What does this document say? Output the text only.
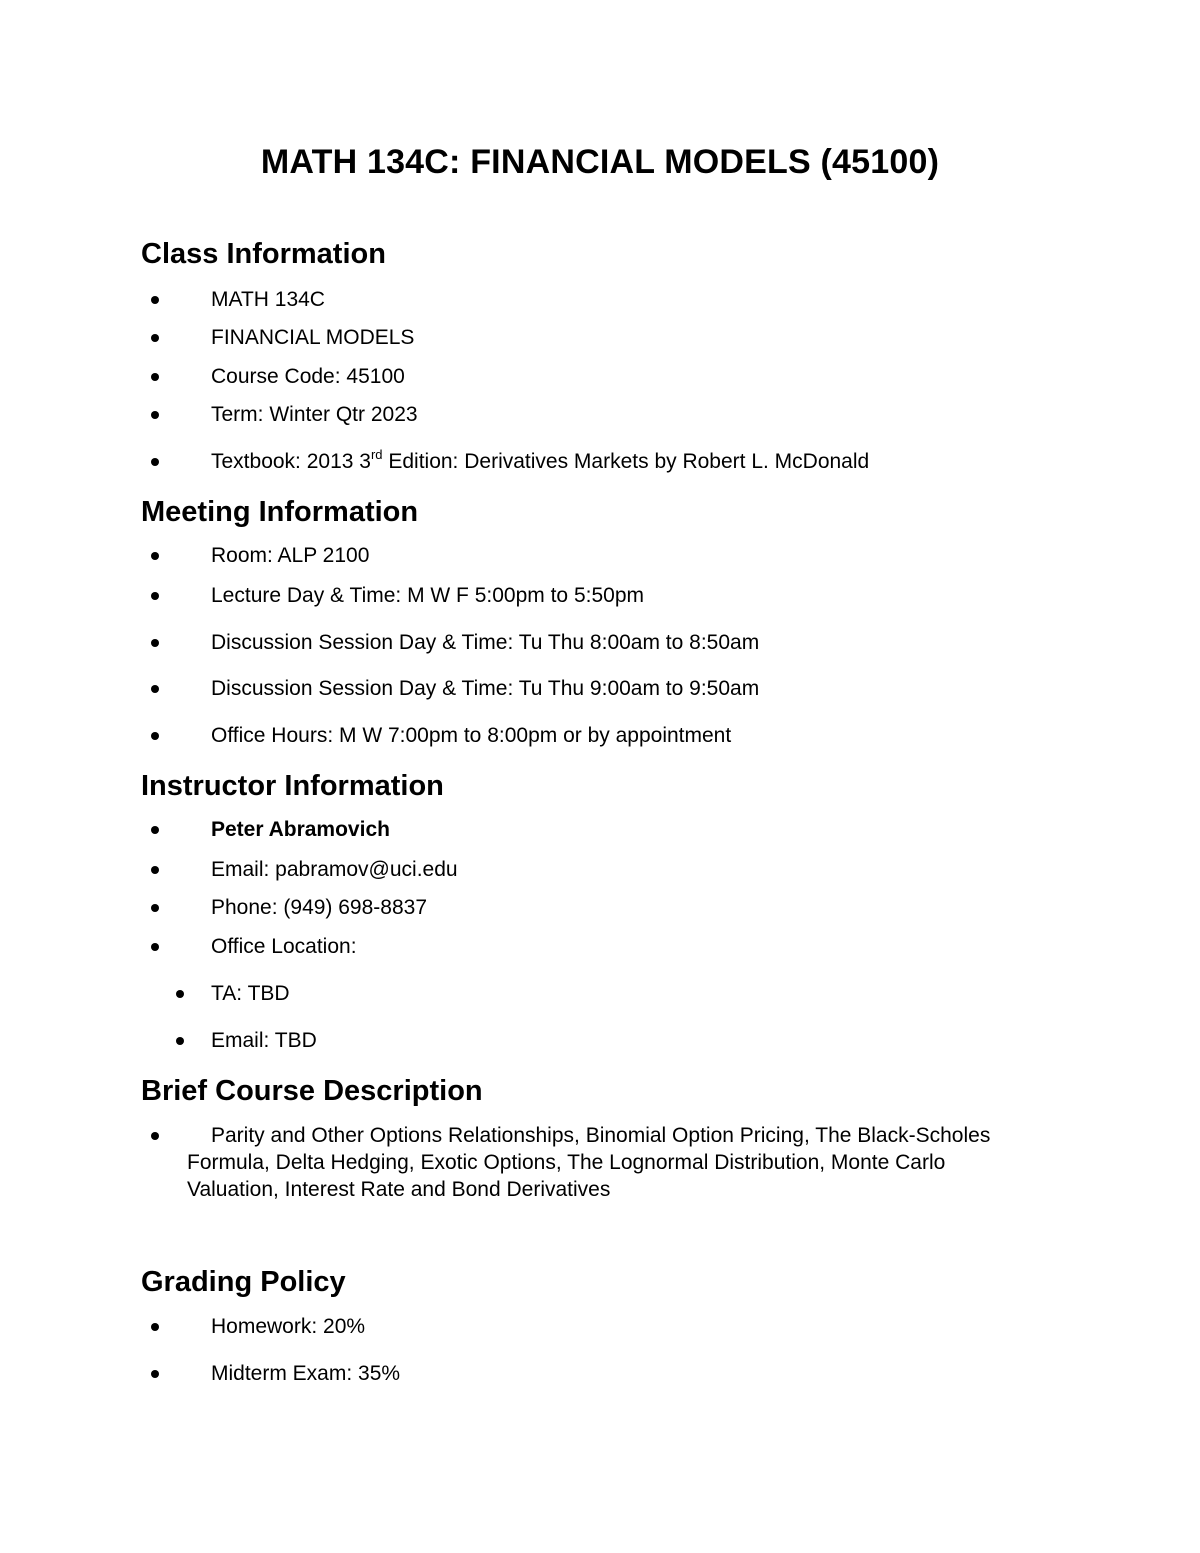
MATH 134C: FINANCIAL MODELS (45100)
Class Information
MATH 134C
FINANCIAL MODELS
Course Code: 45100
Term: Winter Qtr 2023
Textbook: 2013 3rd Edition: Derivatives Markets by Robert L. McDonald
Meeting Information
Room: ALP 2100
Lecture Day & Time: M W F 5:00pm to 5:50pm
Discussion Session Day & Time: Tu Thu 8:00am to 8:50am
Discussion Session Day & Time: Tu Thu 9:00am to 9:50am
Office Hours: M W 7:00pm to 8:00pm or by appointment
Instructor Information
Peter Abramovich
Email: pabramov@uci.edu
Phone: (949) 698-8837
Office Location:
TA: TBD
Email: TBD
Brief Course Description
Parity and Other Options Relationships, Binomial Option Pricing, The Black-Scholes Formula, Delta Hedging, Exotic Options, The Lognormal Distribution, Monte Carlo Valuation, Interest Rate and Bond Derivatives
Grading Policy
Homework: 20%
Midterm Exam: 35%
